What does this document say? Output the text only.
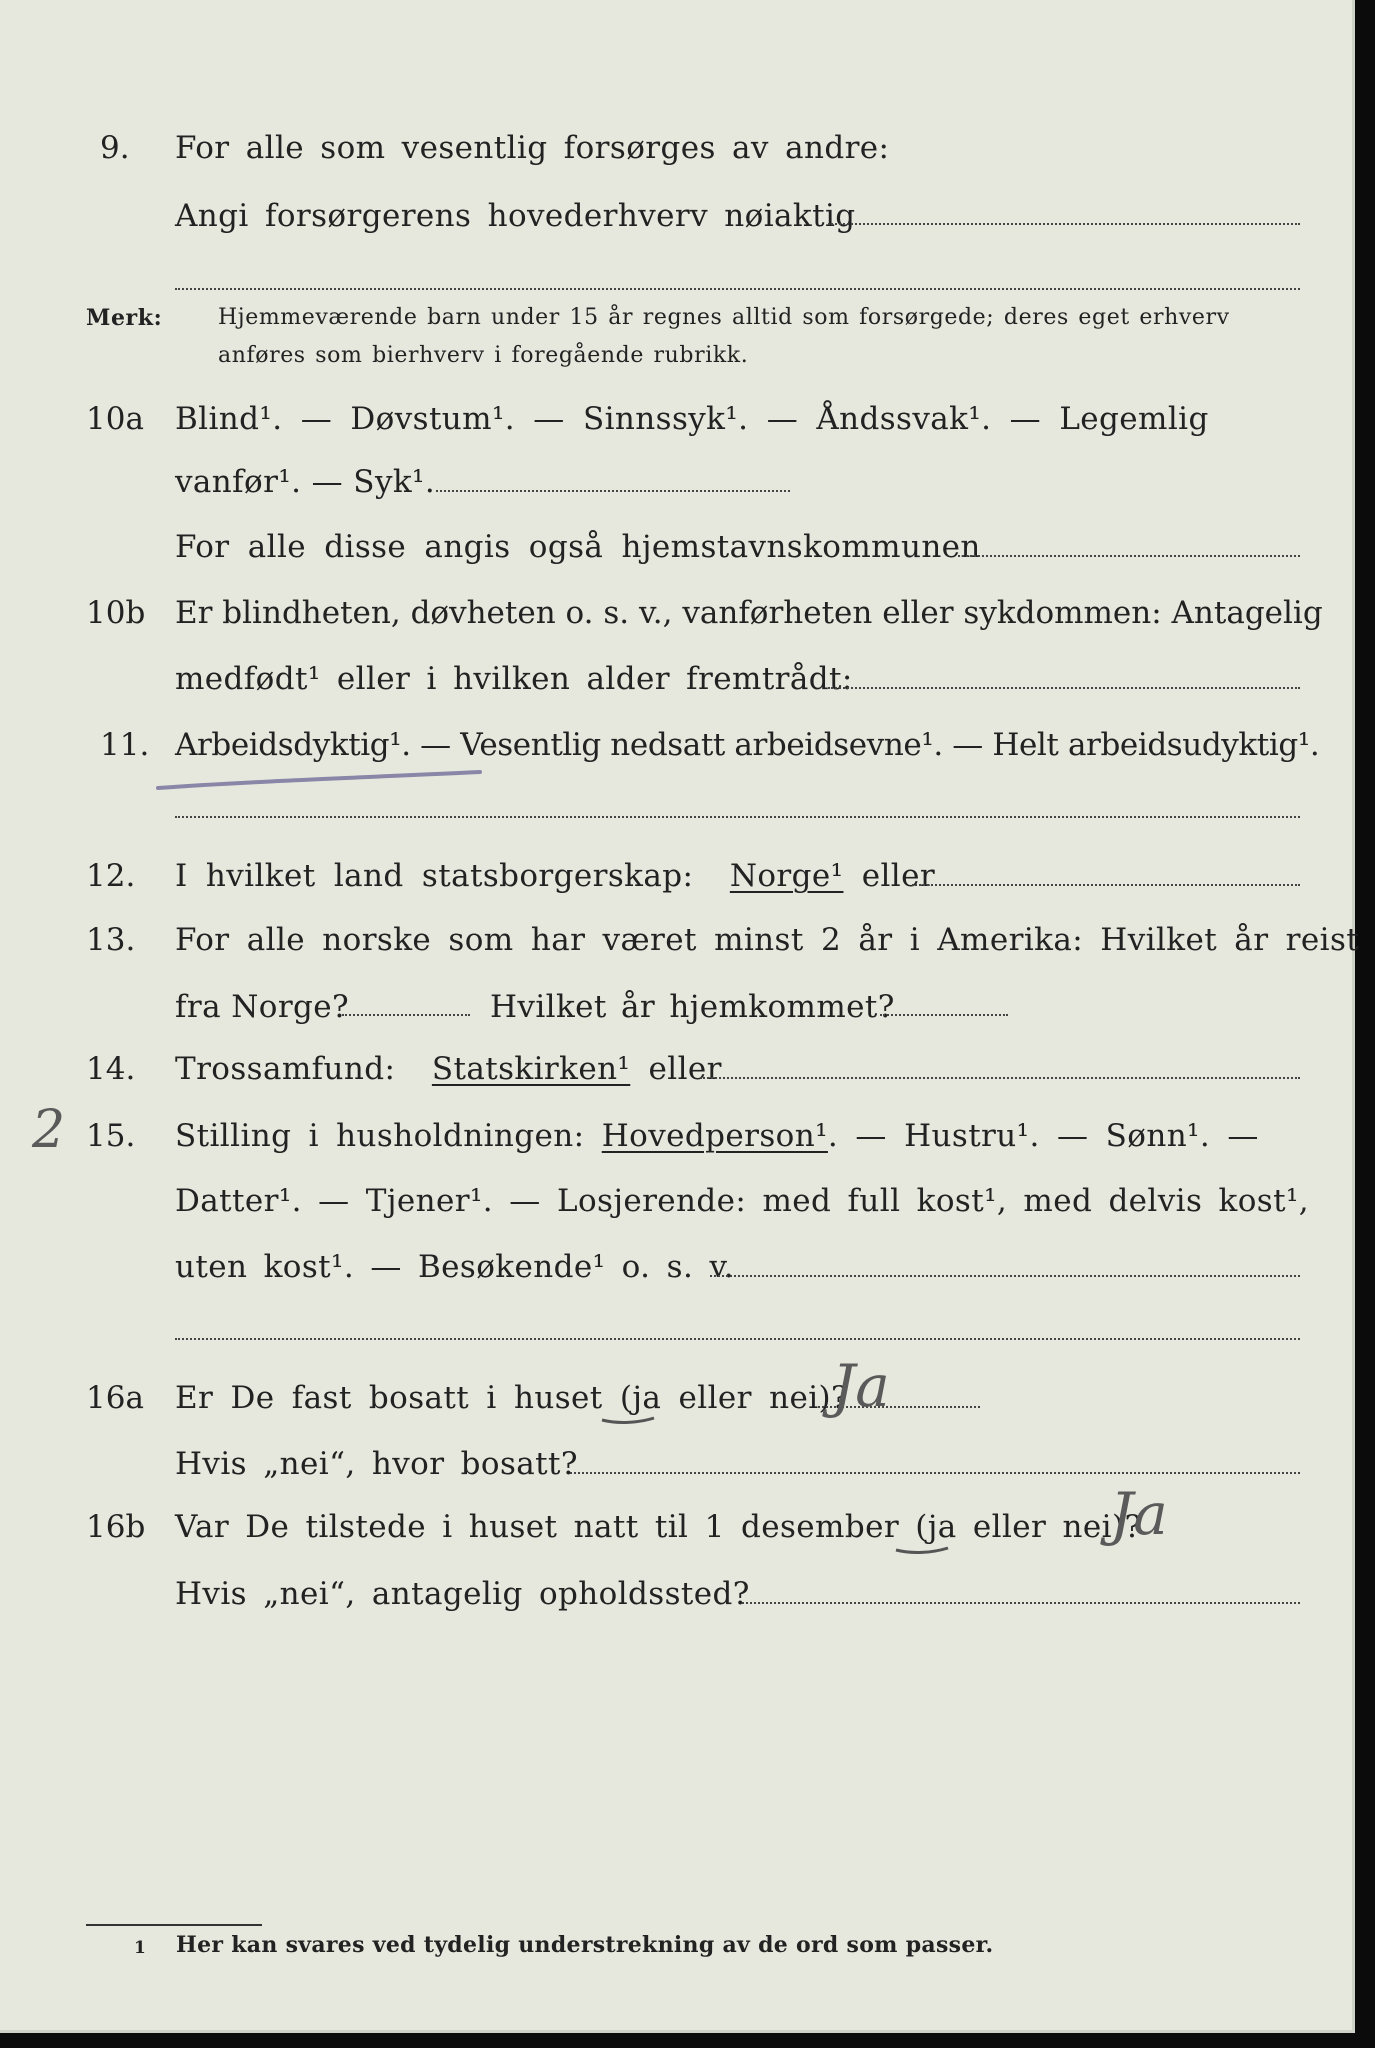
9. For alle som vesentlig forsørges av andre:
Angi forsørgerens hovederhverv nøiaktig
Merk:	Hjemmeværende barn under 15 år regnes alltid som forsørgede; deres eget erhverv
anføres som bierhverv i foregående rubrikk.
10a Blind¹. — Døvstum¹. — Sinnssyk¹. — Åndssvak¹. — Legemlig
vanfør¹. — Syk¹.
For alle disse angis også hjemstavnskommunen
10b Er blindheten, døvheten o. s. v., vanførheten eller sykdommen: Antagelig
medfødt¹ eller i hvilken alder fremtrådt:
11. Arbeidsdyktig¹. — Vesentlig nedsatt arbeidsevne¹. — Helt arbeidsudyktig¹.
12. I hvilket land statsborgerskap: Norge¹ eller
13. For alle norske som har været minst 2 år i Amerika: Hvilket år reist
fra Norge?	Hvilket år hjemkommet?
14. Trossamfund: Statskirken¹ eller
2 15. Stilling i husholdningen: Hovedperson¹. — Hustru¹. — Sønn¹. —
Datter¹. — Tjener¹. — Losjerende: med full kost¹, med delvis kost¹,
uten kost¹. — Besøkende¹ o. s. v.
16a Er De fast bosatt i huset (ja eller nei)?
Ja
Hvis „nei“, hvor bosatt?
16b Var De tilstede i huset natt til 1 desember (ja eller nei)?
Ja
Hvis „nei“, antagelig opholdssted?
1 Her kan svares ved tydelig understrekning av de ord som passer.
